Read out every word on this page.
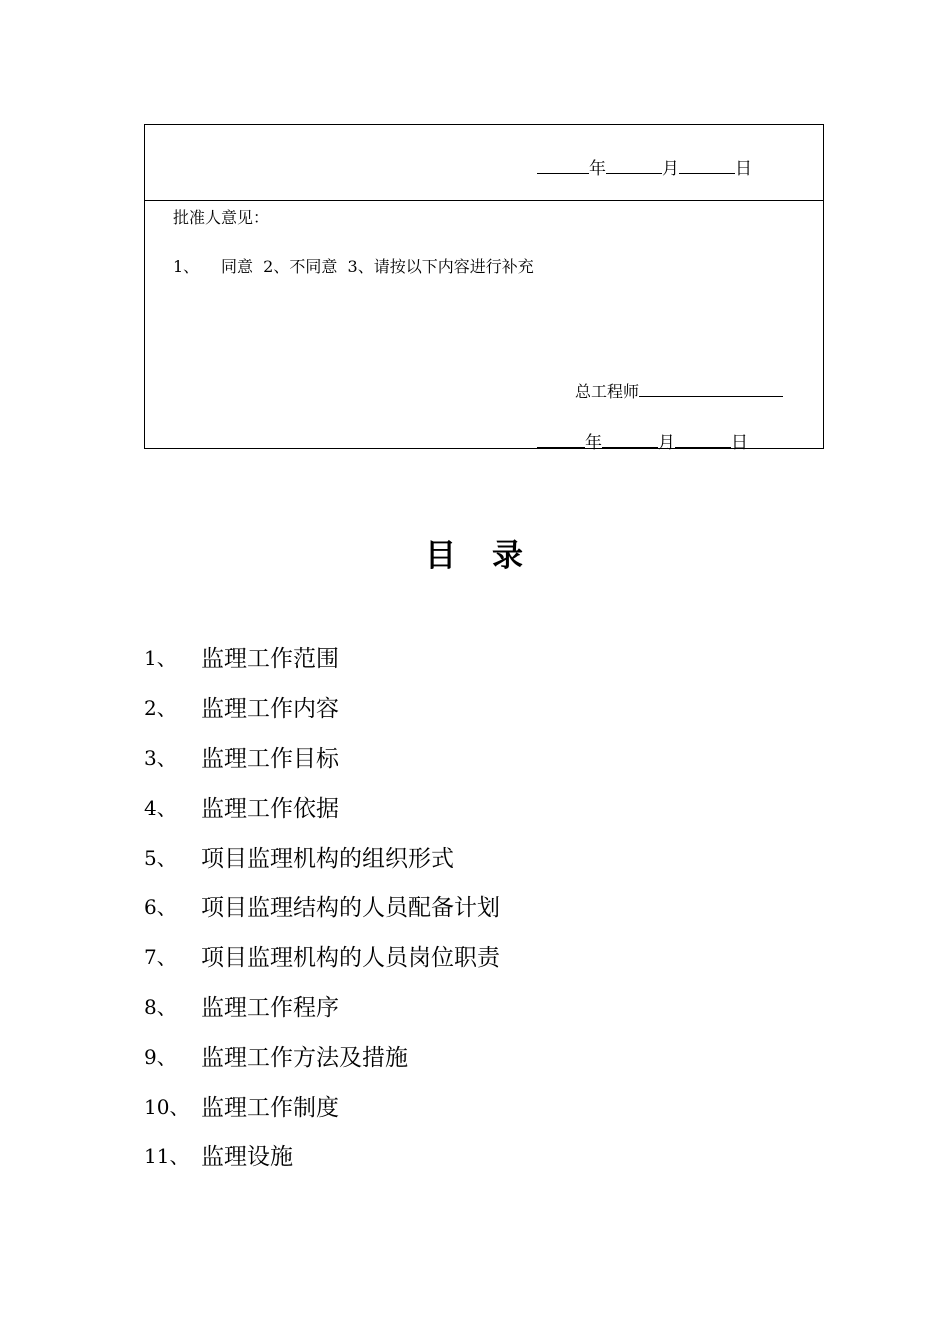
年	月	日
批准人意见：
1、 同意  2、不同意  3、请按以下内容进行补充
总工程师
年	月	日
目 录
1、	监理工作范围
2、	监理工作内容
3、	监理工作目标
4、	监理工作依据
5、	项目监理机构的组织形式
6、	项目监理结构的人员配备计划
7、	项目监理机构的人员岗位职责
8、	监理工作程序
9、	监理工作方法及措施
10、 监理工作制度
11、 监理设施
